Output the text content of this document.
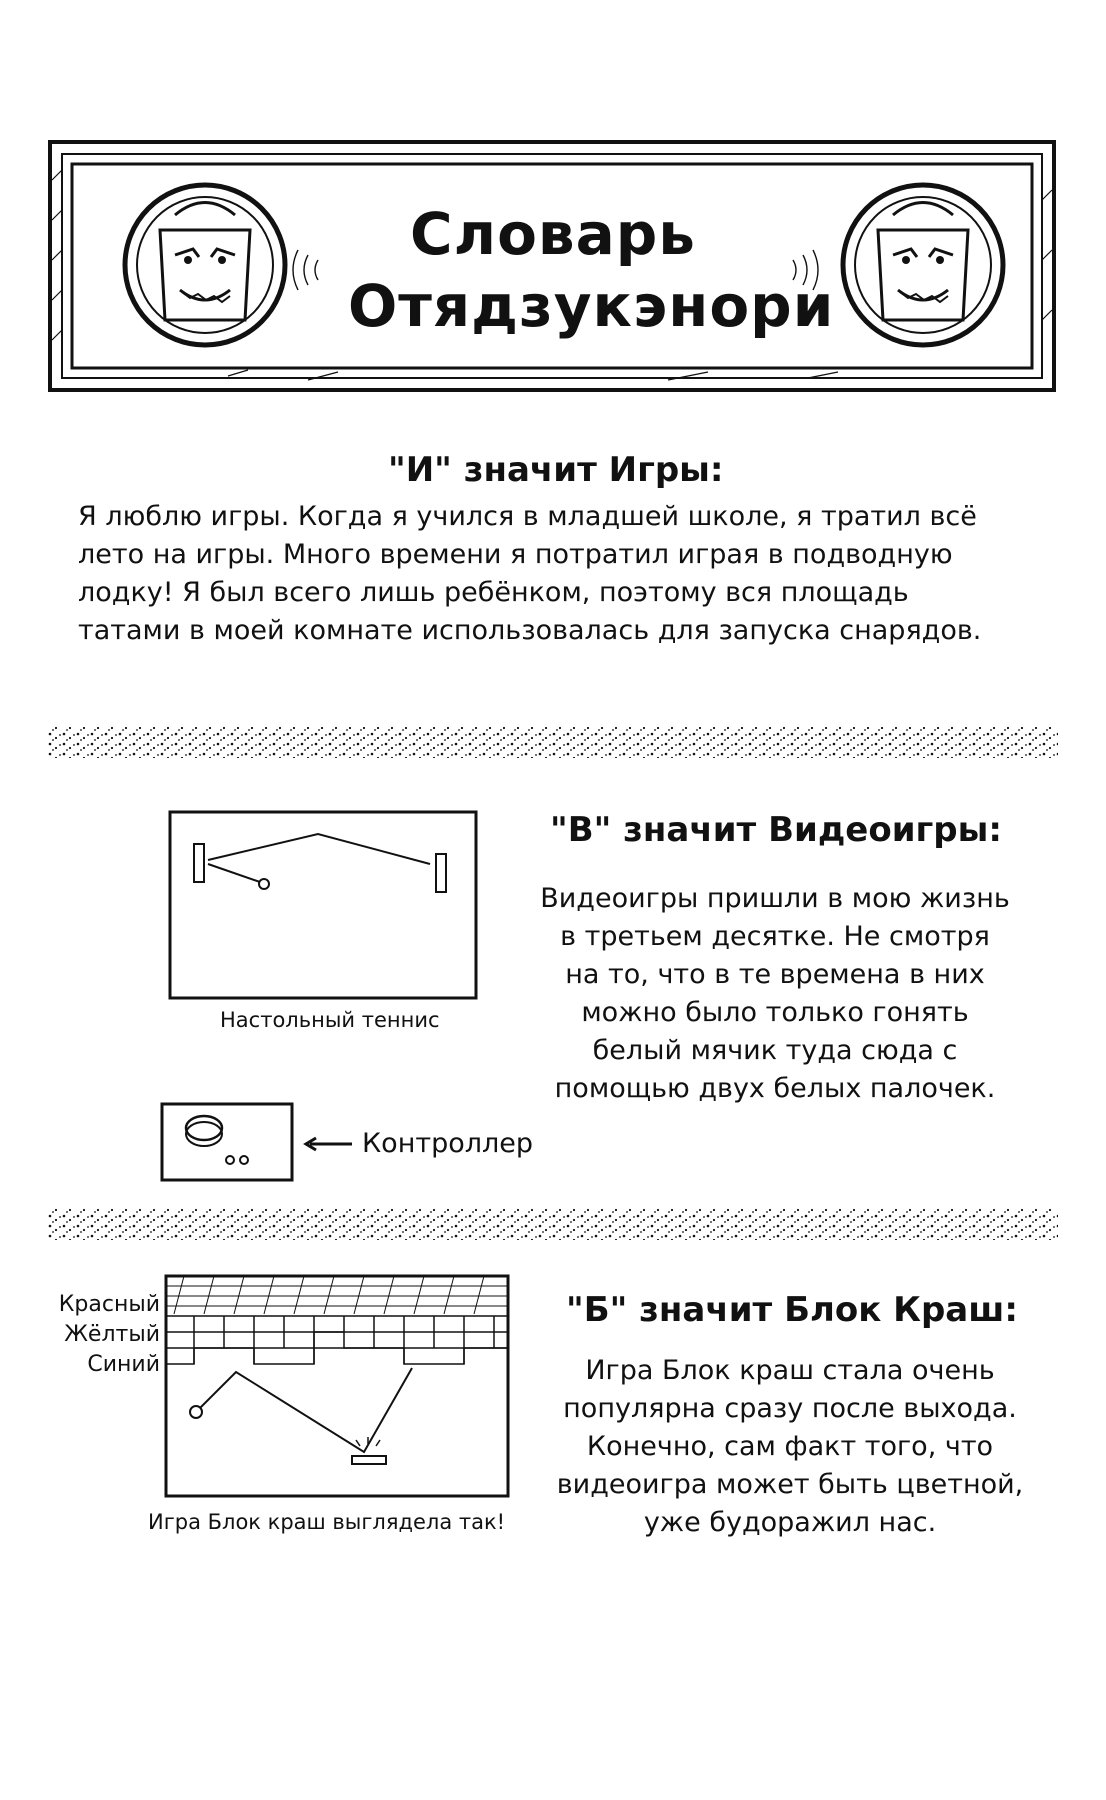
Словарь
Отядзукэнори
"И" значит Игры:
Я люблю игры. Когда я учился в младшей школе, я тратил всё
лето на игры. Много времени я потратил играя в подводную
лодку! Я был всего лишь ребёнком, поэтому вся площадь
татами в моей комнате использовалась для запуска снарядов.
Настольный теннис
Контроллер
"В" значит Видеоигры:
Видеоигры пришли в мою жизнь
в третьем десятке. Не смотря
на то, что в те времена в них
можно было только гонять
белый мячик туда сюда с
помощью двух белых палочек.
Красный
Жёлтый
Синий
Игра Блок краш выглядела так!
"Б" значит Блок Краш:
Игра Блок краш стала очень
популярна сразу после выхода.
Конечно, сам факт того, что
видеоигра может быть цветной,
уже будоражил нас.
